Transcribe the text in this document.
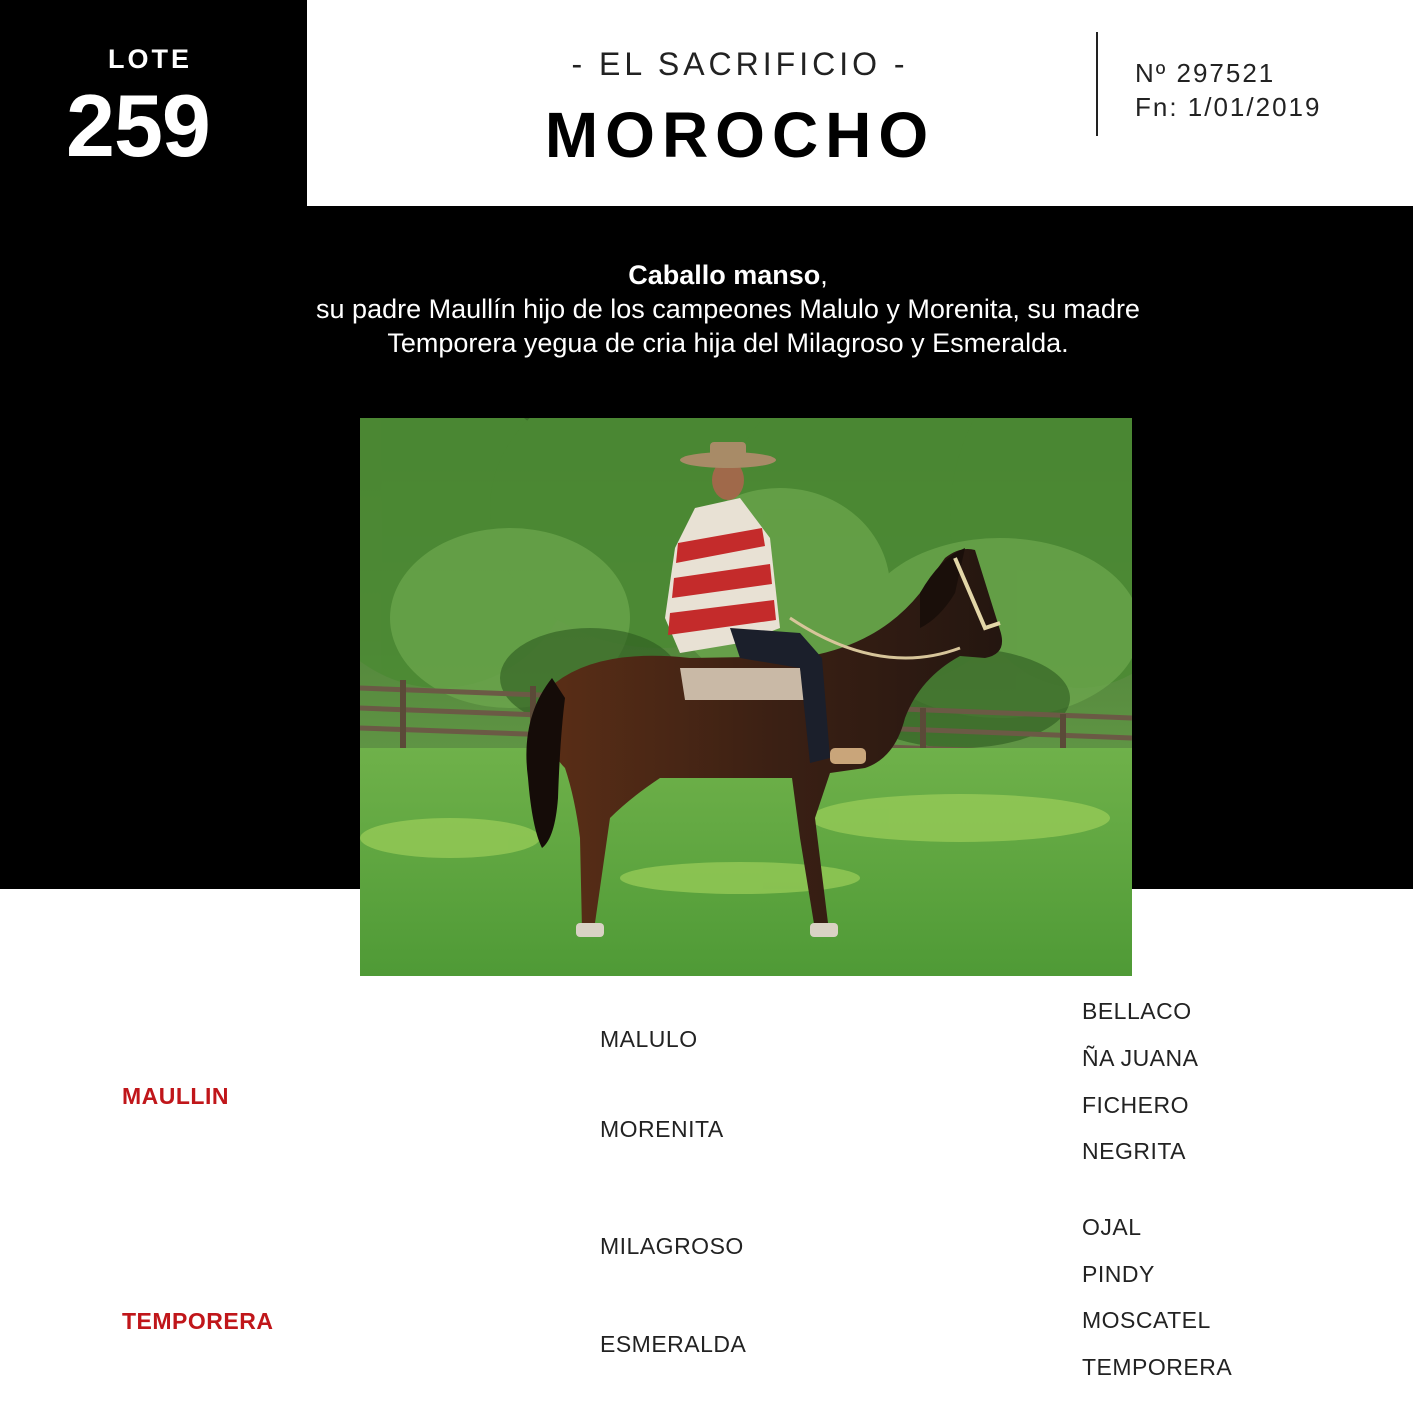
LOTE
259
- EL SACRIFICIO -
MOROCHO
Nº 297521
Fn: 1/01/2019
Caballo manso,
su padre Maullín hijo de los campeones Malulo y Morenita, su madre
Temporera yegua de cria hija del Milagroso y Esmeralda.
MAULLIN
TEMPORERA
MALULO
MORENITA
MILAGROSO
ESMERALDA
BELLACO
ÑA JUANA
FICHERO
NEGRITA
OJAL
PINDY
MOSCATEL
TEMPORERA
